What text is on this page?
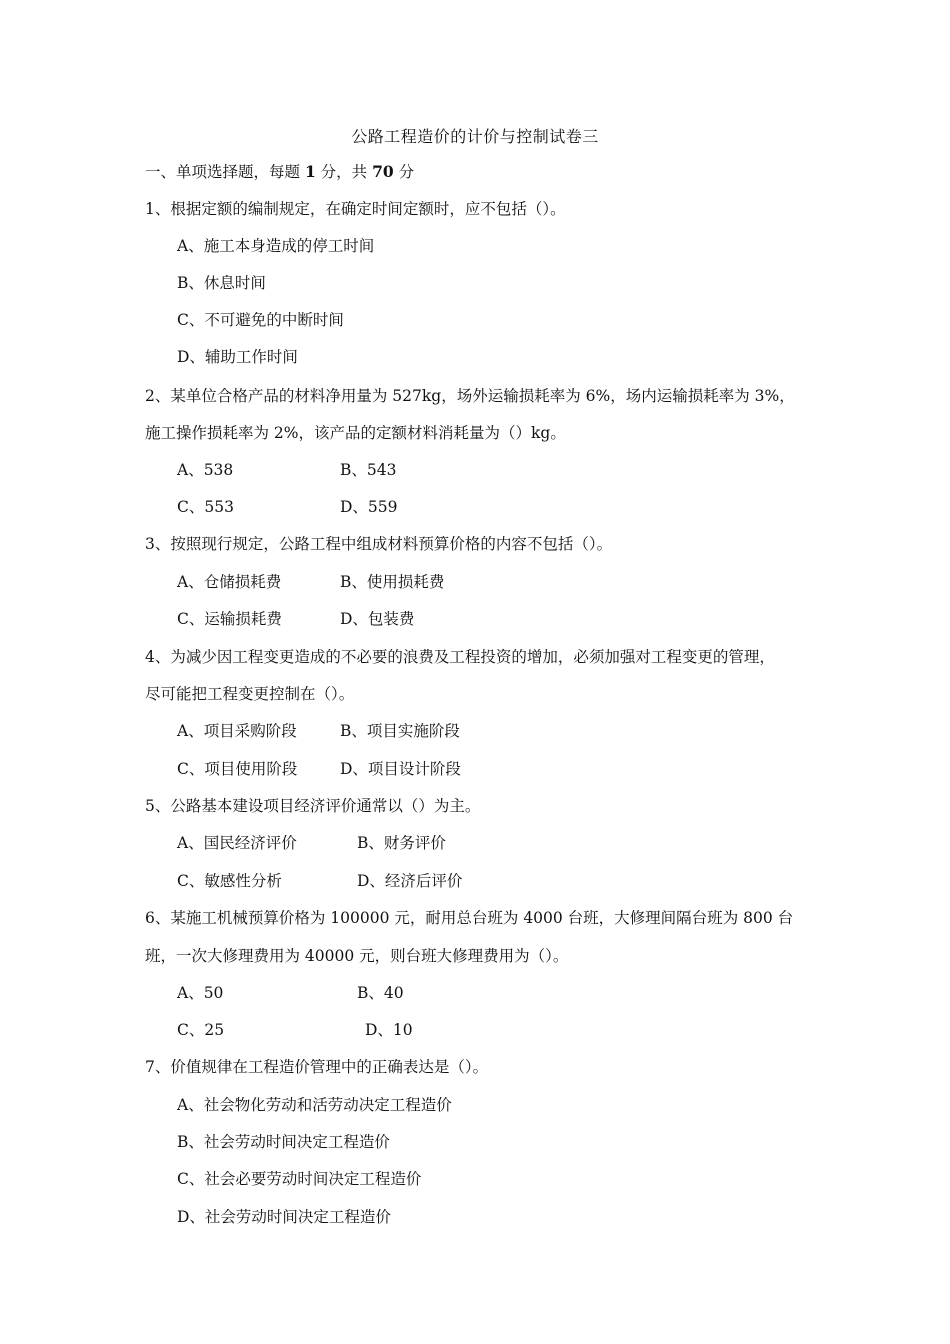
公路工程造价的计价与控制试卷三
一、单项选择题，每题 1 分，共 70 分
1、根据定额的编制规定，在确定时间定额时，应不包括（）。
A、施工本身造成的停工时间
B、休息时间
C、不可避免的中断时间
D、辅助工作时间
2、某单位合格产品的材料净用量为 527kg，场外运输损耗率为 6%，场内运输损耗率为 3%，
施工操作损耗率为 2%，该产品的定额材料消耗量为（）kg。
A、538	B、543
C、553	D、559
3、按照现行规定，公路工程中组成材料预算价格的内容不包括（）。
A、仓储损耗费	B、使用损耗费
C、运输损耗费	D、包装费
4、为减少因工程变更造成的不必要的浪费及工程投资的增加，必须加强对工程变更的管理，
尽可能把工程变更控制在（）。
A、项目采购阶段	B、项目实施阶段
C、项目使用阶段	D、项目设计阶段
5、公路基本建设项目经济评价通常以（）为主。
A、国民经济评价	B、财务评价
C、敏感性分析	D、经济后评价
6、某施工机械预算价格为 100000 元，耐用总台班为 4000 台班，大修理间隔台班为 800 台
班，一次大修理费用为 40000 元，则台班大修理费用为（）。
A、50	B、40
C、25	D、10
7、价值规律在工程造价管理中的正确表达是（）。
A、社会物化劳动和活劳动决定工程造价
B、社会劳动时间决定工程造价
C、社会必要劳动时间决定工程造价
D、社会劳动时间决定工程造价
